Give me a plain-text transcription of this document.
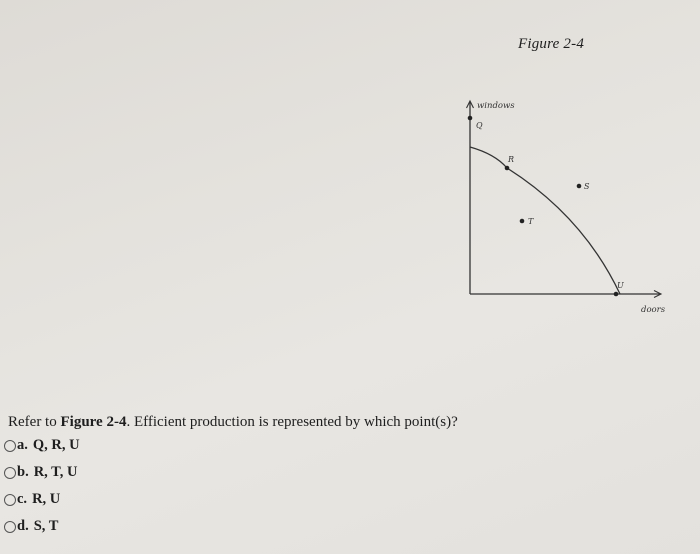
Figure 2-4
windows
Q
R
S
T
U
doors
Refer to Figure 2-4. Efficient production is represented by which point(s)?
a. Q, R, U
b. R, T, U
c. R, U
d. S, T
